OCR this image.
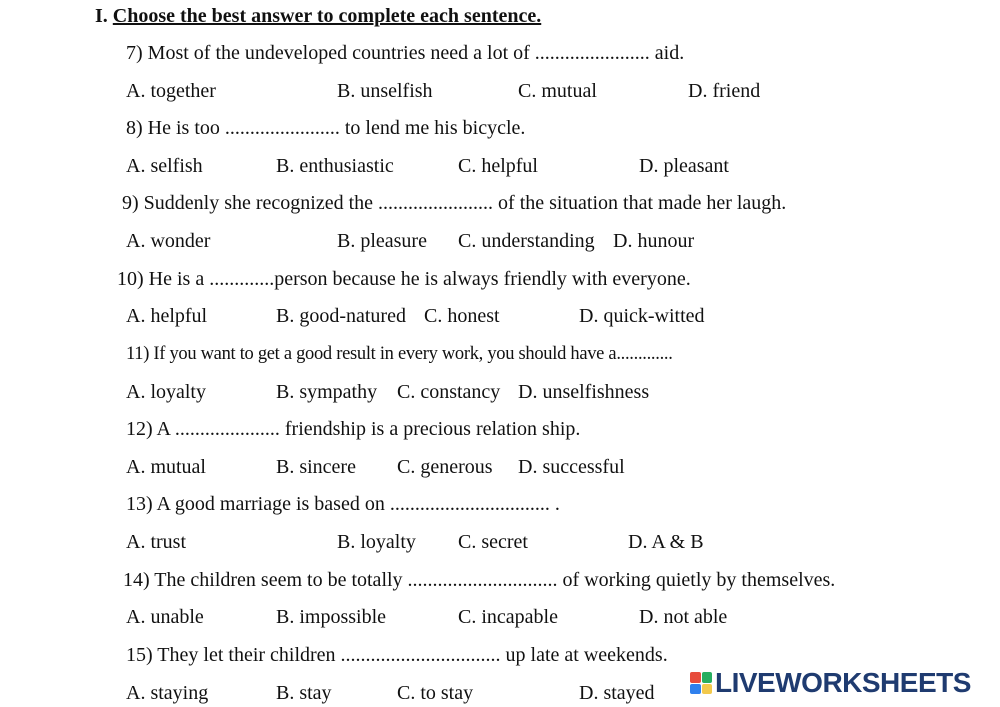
I. Choose the best answer to complete each sentence.
7) Most of the undeveloped countries need a lot of ....................... aid.
A. together	B. unselfish	C. mutual	D. friend
8) He is too ....................... to lend me his bicycle.
A. selfish	B. enthusiastic	C. helpful	D. pleasant
9) Suddenly she recognized the ....................... of the situation that made her laugh.
A. wonder	B. pleasure C. understanding D. hunour
10) He is a .............person because he is always friendly with everyone.
A. helpful	B. good-natured C. honest	D. quick-witted
11) If you want to get a good result in every work, you should have a.............
A. loyalty	B. sympathy C. constancy D. unselfishness
12) A ..................... friendship is a precious relation ship.
A. mutual	B. sincere C. generous D. successful
13) A good marriage is based on ................................ .
A. trust	B. loyalty C. secret	D. A & B
14) The children seem to be totally .............................. of working quietly by themselves.
A. unable	B. impossible	C. incapable	D. not able
15) They let their children ................................ up late at weekends.
A. staying	B. stay	C. to stay	D. stayed LIVEWORKSHEETS
